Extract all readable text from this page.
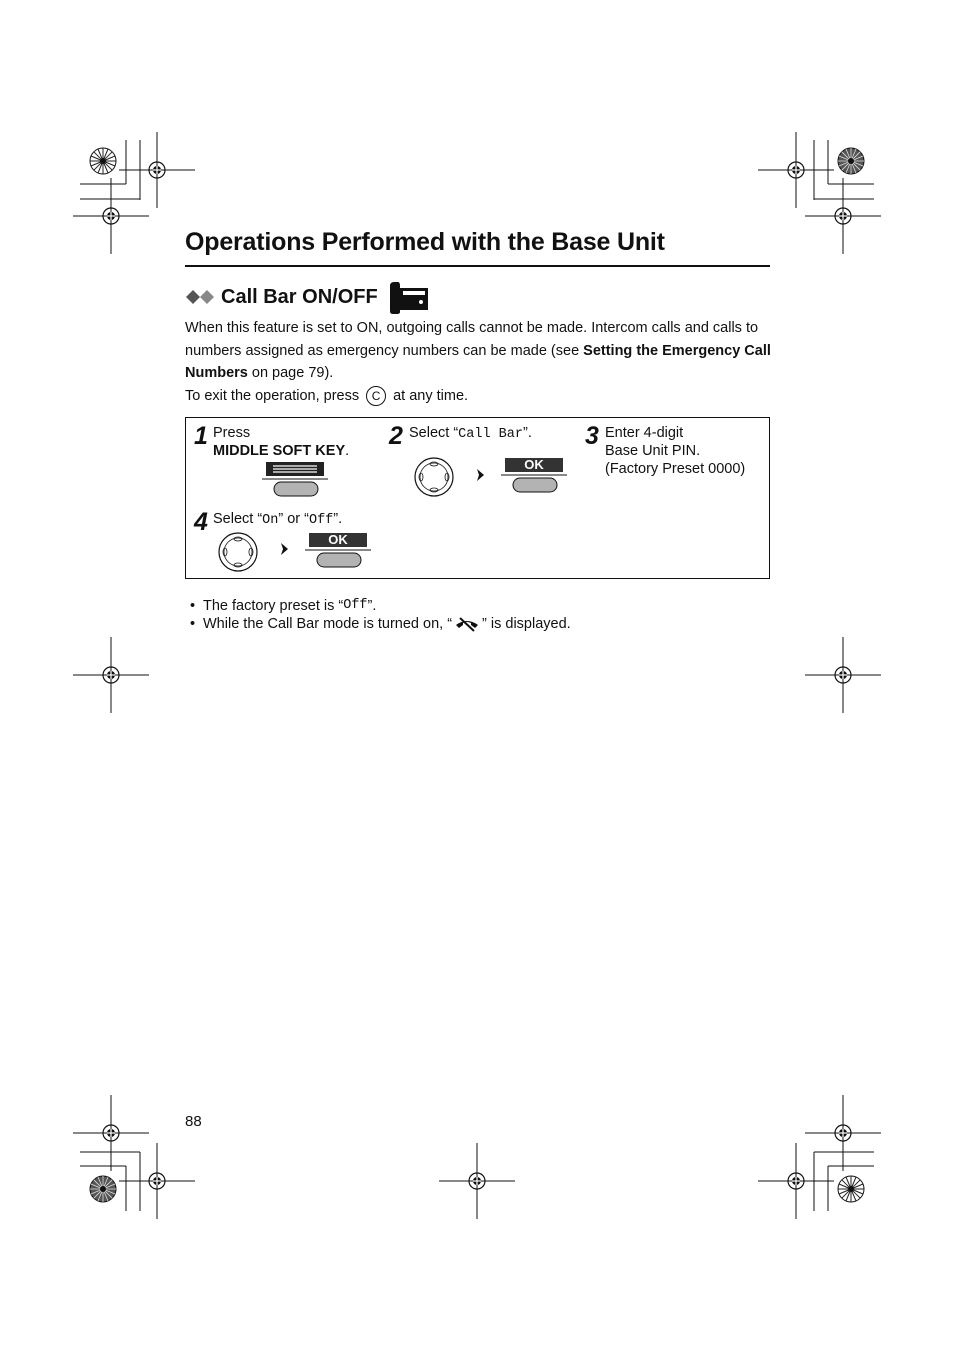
Operations Performed with the Base Unit
Call Bar ON/OFF
When this feature is set to ON, outgoing calls cannot be made. Intercom calls and calls to numbers assigned as emergency numbers can be made (see Setting the Emergency Call Numbers on page 79).
To exit the operation, press	C at any time.
1 Press
MIDDLE SOFT KEY.
2 Select “Call Bar”.
OK
3 Enter 4-digit
Base Unit PIN.
(Factory Preset 0000)
4 Select “On” or “Off”.
OK
• The factory preset is “ Off ”.
• While the Call Bar mode is turned on, “ ” is displayed.
88
